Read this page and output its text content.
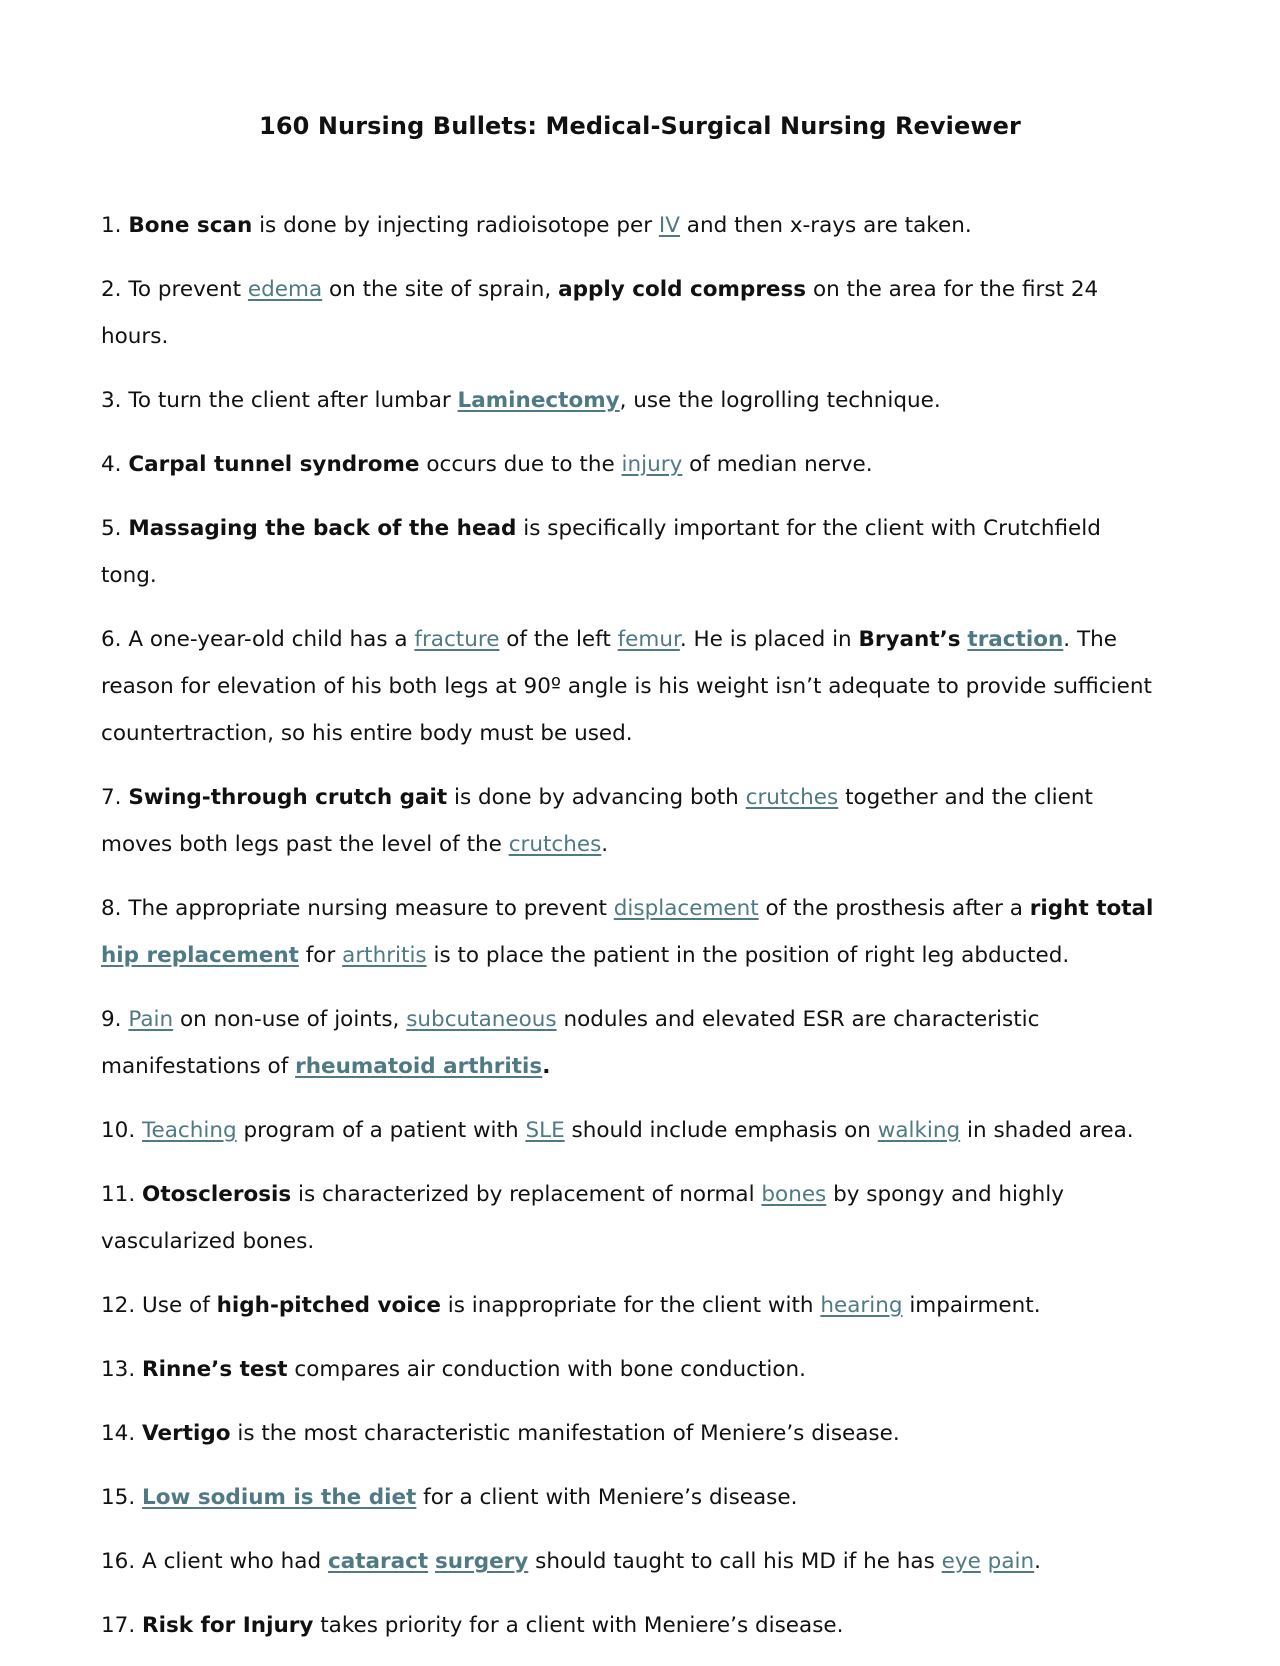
160 Nursing Bullets: Medical-Surgical Nursing Reviewer
1. Bone scan is done by injecting radioisotope per IV and then x-rays are taken.
2. To prevent edema on the site of sprain, apply cold compress on the area for the first 24 hours.
3. To turn the client after lumbar Laminectomy, use the logrolling technique.
4. Carpal tunnel syndrome occurs due to the injury of median nerve.
5. Massaging the back of the head is specifically important for the client with Crutchfield tong.
6. A one-year-old child has a fracture of the left femur. He is placed in Bryant’s traction. The reason for elevation of his both legs at 90º angle is his weight isn’t adequate to provide sufficient countertraction, so his entire body must be used.
7. Swing-through crutch gait is done by advancing both crutches together and the client moves both legs past the level of the crutches.
8. The appropriate nursing measure to prevent displacement of the prosthesis after a right total hip replacement for arthritis is to place the patient in the position of right leg abducted.
9. Pain on non-use of joints, subcutaneous nodules and elevated ESR are characteristic manifestations of rheumatoid arthritis.
10. Teaching program of a patient with SLE should include emphasis on walking in shaded area.
11. Otosclerosis is characterized by replacement of normal bones by spongy and highly vascularized bones.
12. Use of high-pitched voice is inappropriate for the client with hearing impairment.
13. Rinne’s test compares air conduction with bone conduction.
14. Vertigo is the most characteristic manifestation of Meniere’s disease.
15. Low sodium is the diet for a client with Meniere’s disease.
16. A client who had cataract surgery should taught to call his MD if he has eye pain.
17. Risk for Injury takes priority for a client with Meniere’s disease.
